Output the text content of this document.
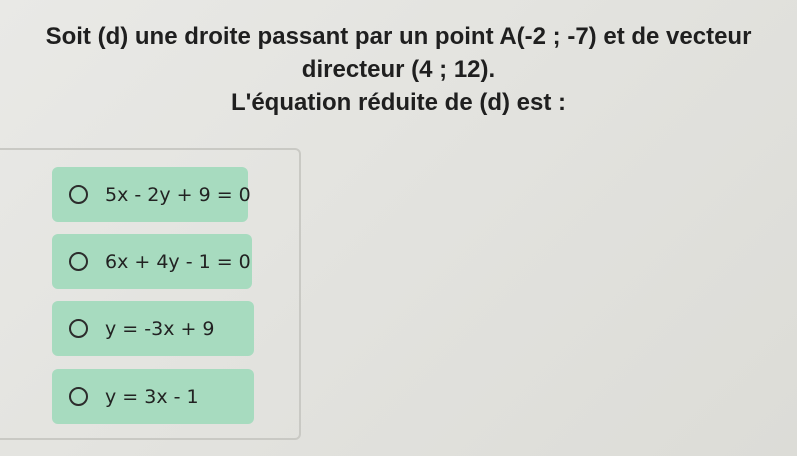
Soit (d) une droite passant par un point A(-2 ; -7) et de vecteur
directeur (4 ; 12).
L'équation réduite de (d) est :
5x - 2y + 9 = 0
6x + 4y - 1 = 0
y = -3x + 9
y = 3x - 1
